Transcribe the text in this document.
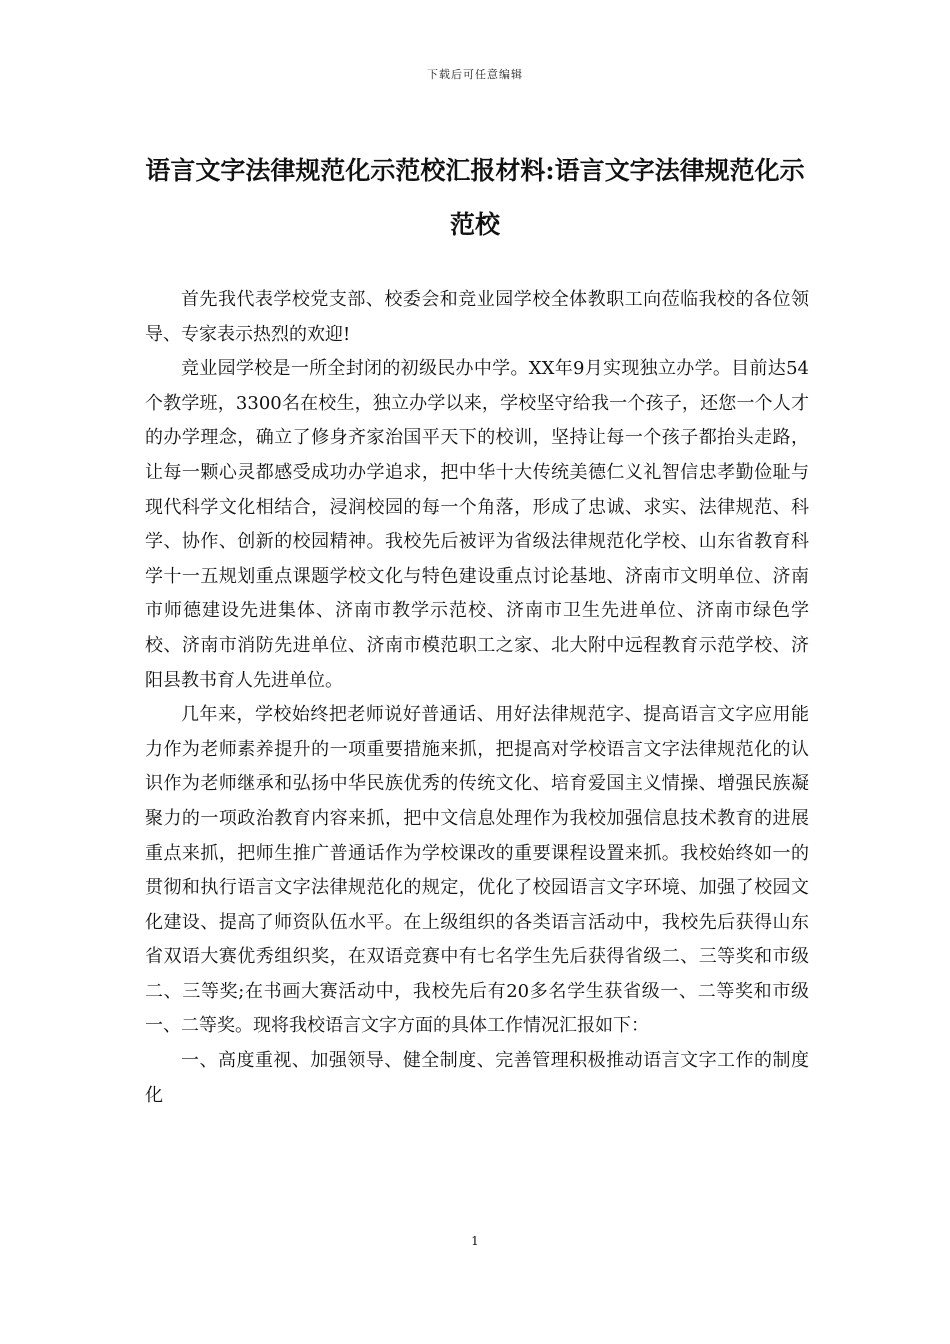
下载后可任意编辑
语言文字法律规范化示范校汇报材料:语言文字法律规范化示范校

首先我代表学校党支部、校委会和竞业园学校全体教职工向莅临我校的各位领导、专家表示热烈的欢迎!

竞业园学校是一所全封闭的初级民办中学。XX年9月实现独立办学。目前达54个教学班，3300名在校生，独立办学以来，学校坚守给我一个孩子，还您一个人才的办学理念，确立了修身齐家治国平天下的校训，坚持让每一个孩子都抬头走路，让每一颗心灵都感受成功办学追求，把中华十大传统美德仁义礼智信忠孝勤俭耻与现代科学文化相结合，浸润校园的每一个角落，形成了忠诚、求实、法律规范、科学、协作、创新的校园精神。我校先后被评为省级法律规范化学校、山东省教育科学十一五规划重点课题学校文化与特色建设重点讨论基地、济南市文明单位、济南市师德建设先进集体、济南市教学示范校、济南市卫生先进单位、济南市绿色学校、济南市消防先进单位、济南市模范职工之家、北大附中远程教育示范学校、济阳县教书育人先进单位。

几年来，学校始终把老师说好普通话、用好法律规范字、提高语言文字应用能力作为老师素养提升的一项重要措施来抓，把提高对学校语言文字法律规范化的认识作为老师继承和弘扬中华民族优秀的传统文化、培育爱国主义情操、增强民族凝聚力的一项政治教育内容来抓，把中文信息处理作为我校加强信息技术教育的进展重点来抓，把师生推广普通话作为学校课改的重要课程设置来抓。我校始终如一的贯彻和执行语言文字法律规范化的规定，优化了校园语言文字环境、加强了校园文化建设、提高了师资队伍水平。在上级组织的各类语言活动中，我校先后获得山东省双语大赛优秀组织奖，在双语竞赛中有七名学生先后获得省级二、三等奖和市级二、三等奖;在书画大赛活动中，我校先后有20多名学生获省级一、二等奖和市级一、二等奖。现将我校语言文字方面的具体工作情况汇报如下：

一、高度重视、加强领导、健全制度、完善管理积极推动语言文字工作的制度化

1
